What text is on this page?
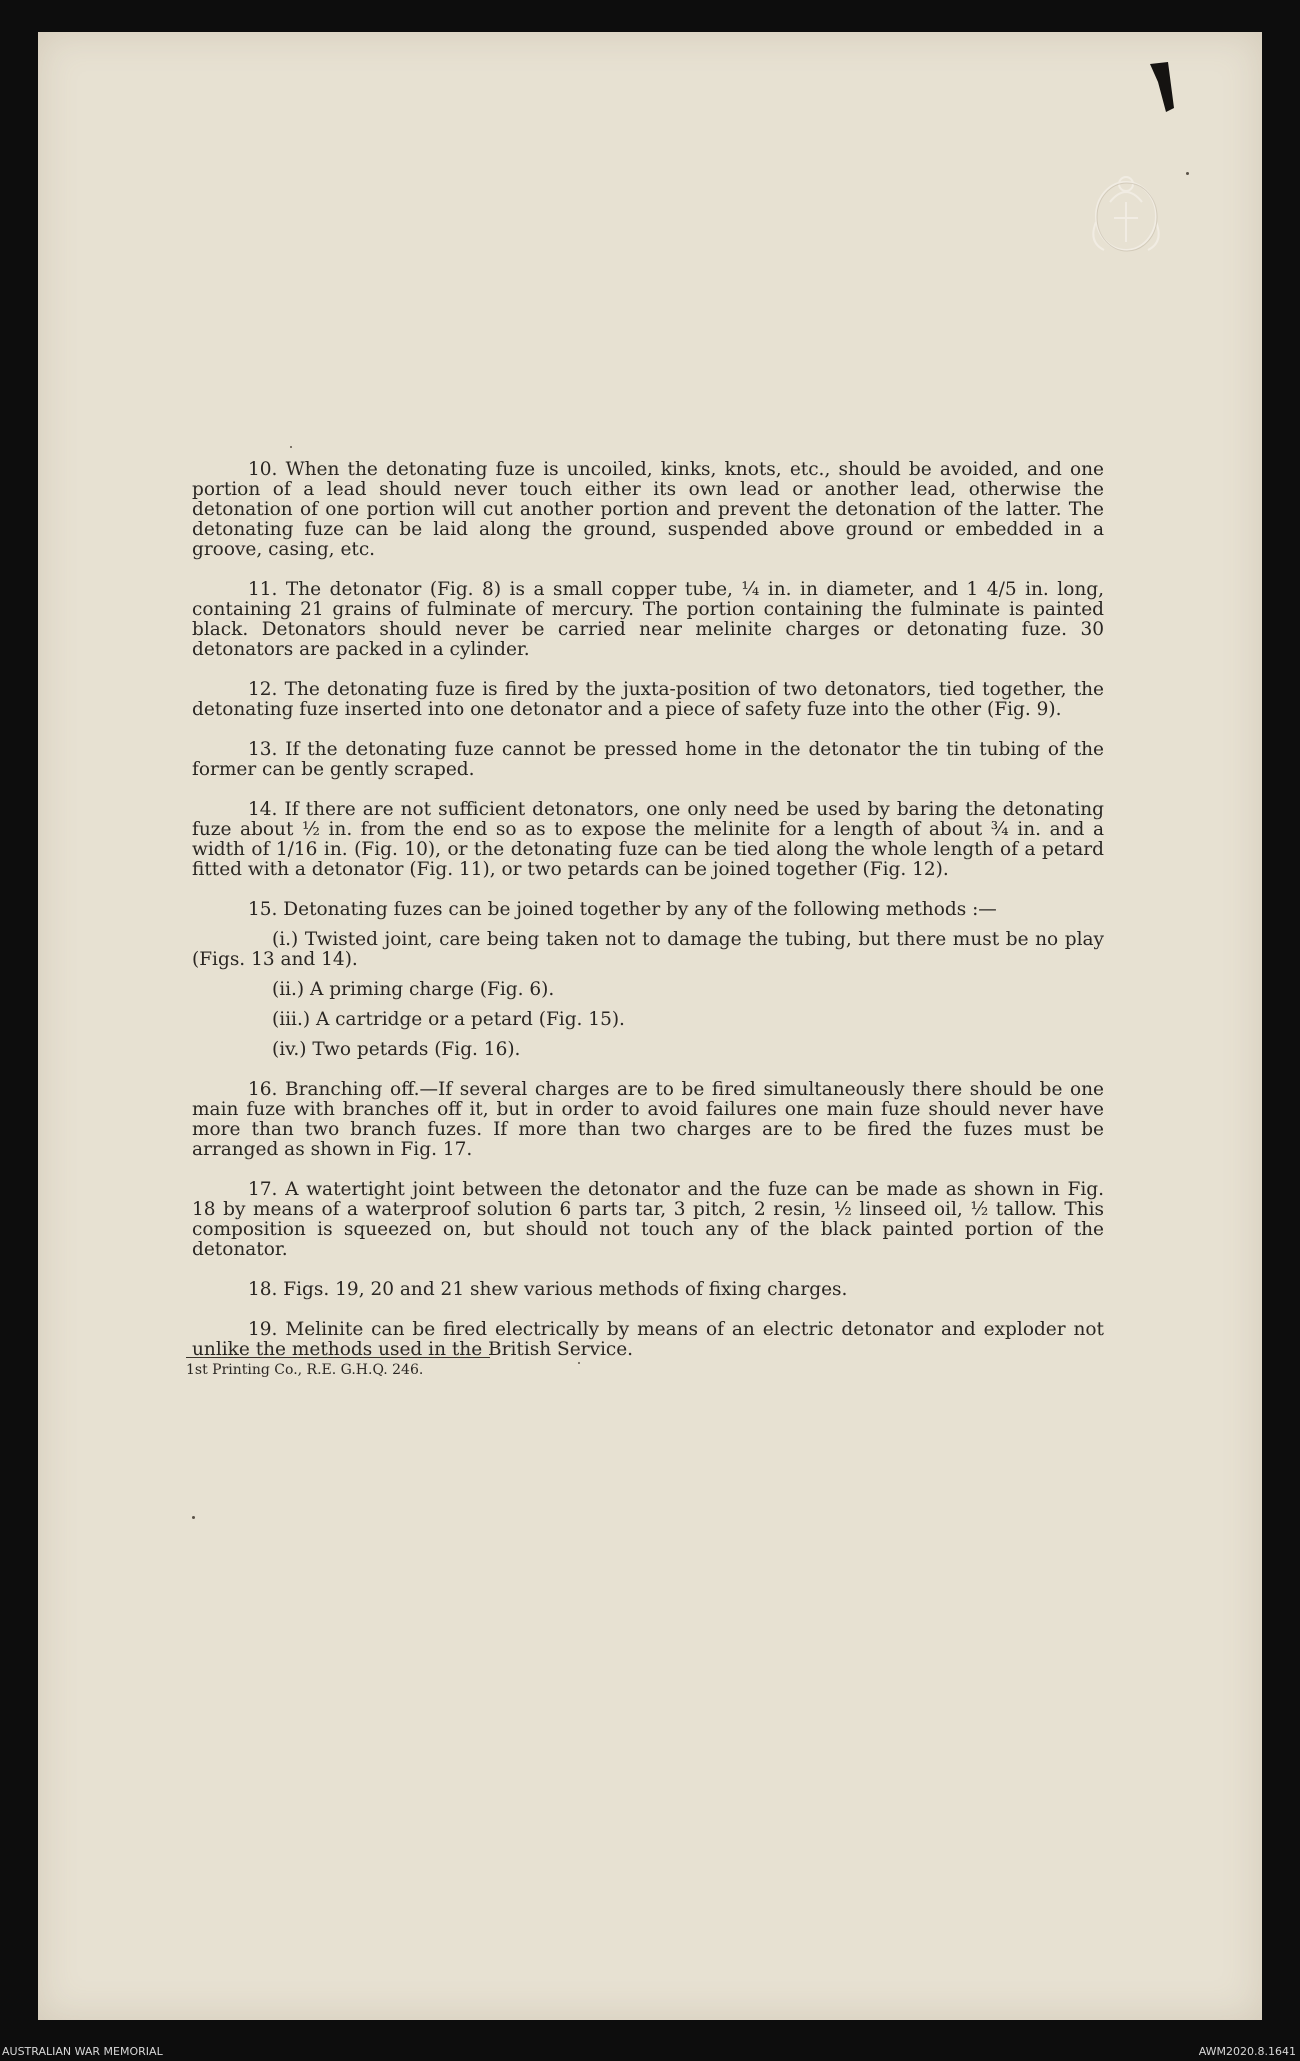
10. When the detonating fuze is uncoiled, kinks, knots, etc., should be avoided, and one portion of a lead should never touch either its own lead or another lead, otherwise the detonation of one portion will cut another portion and prevent the detonation of the latter. The detonating fuze can be laid along the ground, suspended above ground or embedded in a groove, casing, etc.

11. The detonator (Fig. 8) is a small copper tube, ¼ in. in diameter, and 1 4/5 in. long, containing 21 grains of fulminate of mercury. The portion containing the fulminate is painted black. Detonators should never be carried near melinite charges or detonating fuze. 30 detonators are packed in a cylinder.

12. The detonating fuze is fired by the juxta-position of two detonators, tied together, the detonating fuze inserted into one detonator and a piece of safety fuze into the other (Fig. 9).

13. If the detonating fuze cannot be pressed home in the detonator the tin tubing of the former can be gently scraped.

14. If there are not sufficient detonators, one only need be used by baring the detonating fuze about ½ in. from the end so as to expose the melinite for a length of about ¾ in. and a width of 1/16 in. (Fig. 10), or the detonating fuze can be tied along the whole length of a petard fitted with a detonator (Fig. 11), or two petards can be joined together (Fig. 12).

15. Detonating fuzes can be joined together by any of the following methods :—

(i.) Twisted joint, care being taken not to damage the tubing, but there must be no play (Figs. 13 and 14).

(ii.) A priming charge (Fig. 6).

(iii.) A cartridge or a petard (Fig. 15).

(iv.) Two petards (Fig. 16).

16. Branching off.—If several charges are to be fired simultaneously there should be one main fuze with branches off it, but in order to avoid failures one main fuze should never have more than two branch fuzes. If more than two charges are to be fired the fuzes must be arranged as shown in Fig. 17.

17. A watertight joint between the detonator and the fuze can be made as shown in Fig. 18 by means of a waterproof solution 6 parts tar, 3 pitch, 2 resin, ½ linseed oil, ½ tallow. This composition is squeezed on, but should not touch any of the black painted portion of the detonator.

18. Figs. 19, 20 and 21 shew various methods of fixing charges.

19. Melinite can be fired electrically by means of an electric detonator and exploder not unlike the methods used in the British Service.

1st Printing Co., R.E. G.H.Q. 246.
AUSTRALIAN WAR MEMORIAL	AWM2020.8.1641
